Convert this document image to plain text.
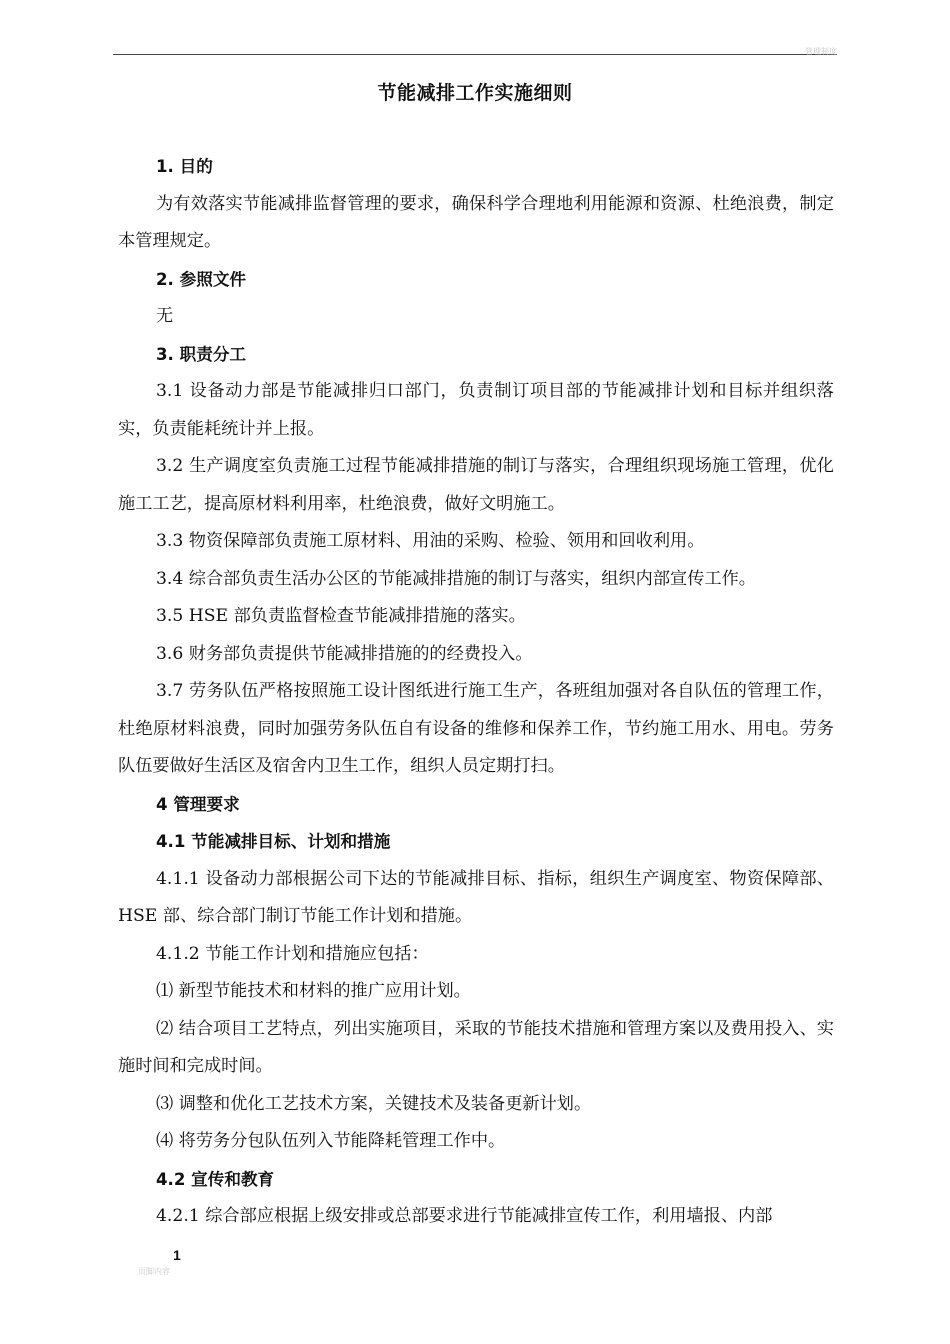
管理制度
节能减排工作实施细则

1. 目的

为有效落实节能减排监督管理的要求，确保科学合理地利用能源和资源、杜绝浪费，制定本管理规定。

2. 参照文件

无

3. 职责分工

3.1 设备动力部是节能减排归口部门，负责制订项目部的节能减排计划和目标并组织落实，负责能耗统计并上报。

3.2 生产调度室负责施工过程节能减排措施的制订与落实，合理组织现场施工管理，优化施工工艺，提高原材料利用率，杜绝浪费，做好文明施工。

3.3 物资保障部负责施工原材料、用油的采购、检验、领用和回收利用。

3.4 综合部负责生活办公区的节能减排措施的制订与落实，组织内部宣传工作。

3.5 HSE 部负责监督检查节能减排措施的落实。

3.6 财务部负责提供节能减排措施的的经费投入。

3.7 劳务队伍严格按照施工设计图纸进行施工生产，各班组加强对各自队伍的管理工作，杜绝原材料浪费，同时加强劳务队伍自有设备的维修和保养工作，节约施工用水、用电。劳务队伍要做好生活区及宿舍内卫生工作，组织人员定期打扫。

4 管理要求

4.1 节能减排目标、计划和措施

4.1.1 设备动力部根据公司下达的节能减排目标、指标，组织生产调度室、物资保障部、HSE 部、综合部门制订节能工作计划和措施。

4.1.2 节能工作计划和措施应包括：

⑴ 新型节能技术和材料的推广应用计划。

⑵ 结合项目工艺特点，列出实施项目，采取的节能技术措施和管理方案以及费用投入、实施时间和完成时间。

⑶ 调整和优化工艺技术方案，关键技术及装备更新计划。

⑷ 将劳务分包队伍列入节能降耗管理工作中。

4.2 宣传和教育

4.2.1 综合部应根据上级安排或总部要求进行节能减排宣传工作，利用墙报、内部

1
页脚内容
